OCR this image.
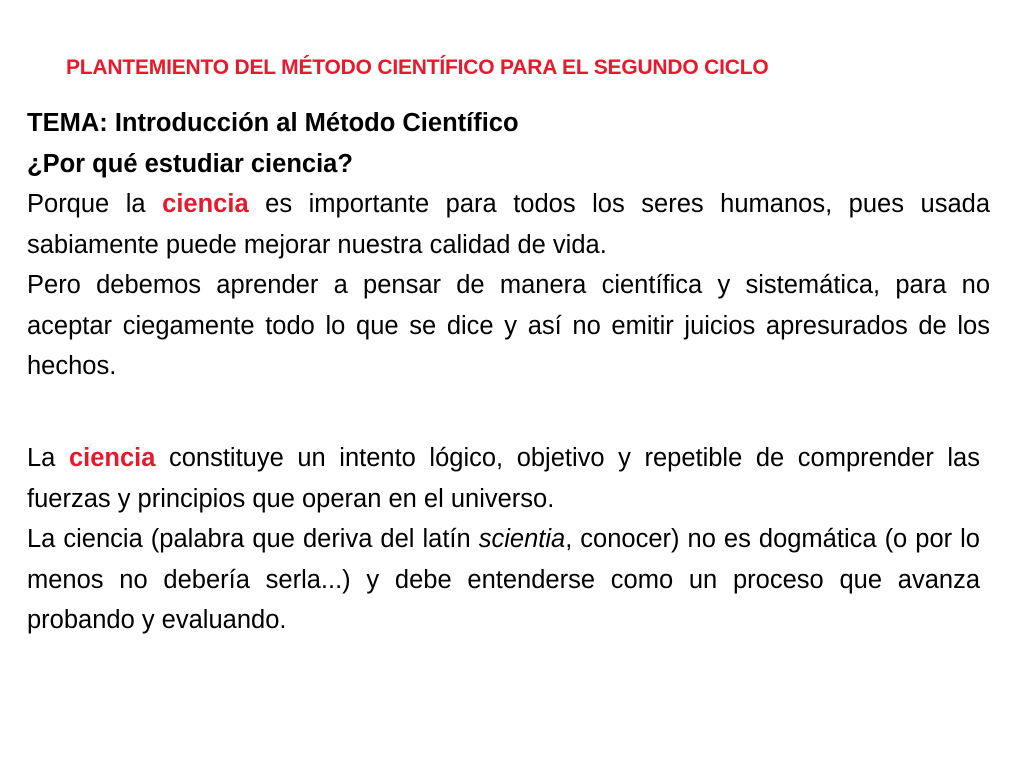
PLANTEMIENTO DEL MÉTODO CIENTÍFICO PARA EL SEGUNDO CICLO
TEMA: Introducción al Método Científico
¿Por qué estudiar ciencia?

Porque la ciencia es importante para todos los seres humanos, pues usada sabiamente puede mejorar nuestra calidad de vida.

Pero debemos aprender a pensar de manera científica y sistemática, para no aceptar ciegamente todo lo que se dice y así no emitir juicios apresurados de los hechos.

La ciencia constituye un intento lógico, objetivo y repetible de comprender las fuerzas y principios que operan en el universo.

La ciencia (palabra que deriva del latín scientia, conocer) no es dogmática (o por lo menos no debería serla...) y debe entenderse como un proceso que avanza probando y evaluando.
